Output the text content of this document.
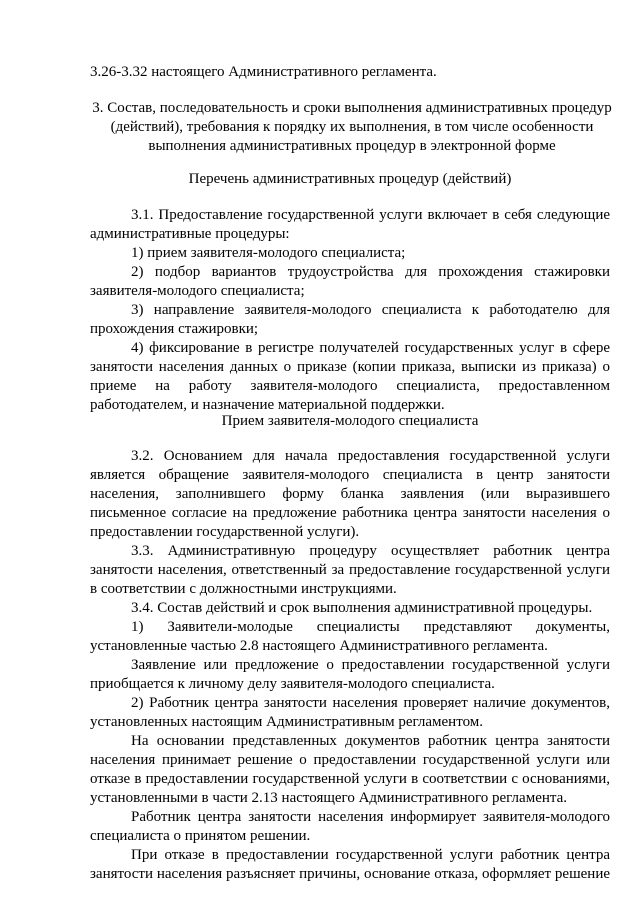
3.26-3.32 настоящего Административного регламента.

3. Состав, последовательность и сроки выполнения административных процедур (действий), требования к порядку их выполнения, в том числе особенности выполнения административных процедур в электронной форме

Перечень административных процедур (действий)

3.1. Предоставление государственной услуги включает в себя следующие административные процедуры:

1) прием заявителя-молодого специалиста;

2) подбор вариантов трудоустройства для прохождения стажировки заявителя-молодого специалиста;

3) направление заявителя-молодого специалиста к работодателю для прохождения стажировки;

4) фиксирование в регистре получателей государственных услуг в сфере занятости населения данных о приказе (копии приказа, выписки из приказа) о приеме на работу заявителя-молодого специалиста, предоставленном работодателем, и назначение материальной поддержки.

Прием заявителя-молодого специалиста

3.2. Основанием для начала предоставления государственной услуги является обращение заявителя-молодого специалиста в центр занятости населения, заполнившего форму бланка заявления (или выразившего письменное согласие на предложение работника центра занятости населения о предоставлении государственной услуги).

3.3. Административную процедуру осуществляет работник центра занятости населения, ответственный за предоставление государственной услуги в соответствии с должностными инструкциями.

3.4. Состав действий и срок выполнения административной процедуры.

1) Заявители-молодые специалисты представляют документы, установленные частью 2.8 настоящего Административного регламента.

Заявление или предложение о предоставлении государственной услуги приобщается к личному делу заявителя-молодого специалиста.

2) Работник центра занятости населения проверяет наличие документов, установленных настоящим Административным регламентом.

На основании представленных документов работник центра занятости населения принимает решение о предоставлении государственной услуги или отказе в предоставлении государственной услуги в соответствии с основаниями, установленными в части 2.13 настоящего Административного регламента.

Работник центра занятости населения информирует заявителя-молодого специалиста о принятом решении.

При отказе в предоставлении государственной услуги работник центра занятости населения разъясняет причины, основание отказа, оформляет решение
